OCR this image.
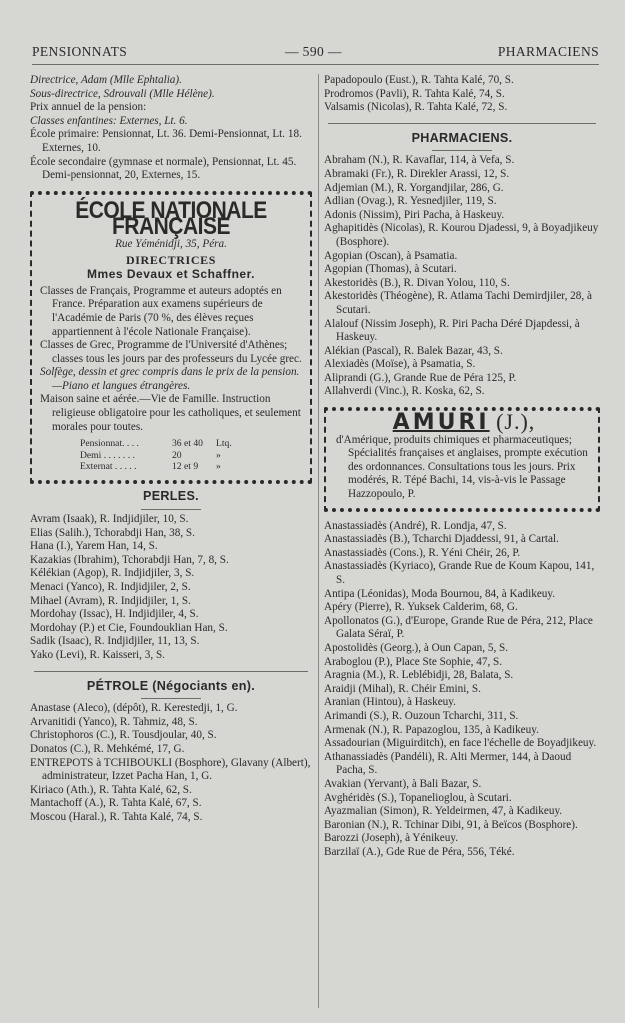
PENSIONNATS	— 590 —	PHARMACIENS

Directrice, Adam (Mlle Ephtalia).

Sous-directrice, Sdrouvali (Mlle Hélène).

Prix annuel de la pension:

Classes enfantines: Externes, Lt. 6.

École primaire: Pensionnat, Lt. 36. Demi-Pensionnat, Lt. 18. Externes, 10.

École secondaire (gymnase et normale), Pensionnat, Lt. 45. Demi-pensionnat, 20, Externes, 15.

ÉCOLE NATIONALE FRANÇAISE

Rue Yéménidji, 35, Péra.

DIRECTRICES

Mmes Devaux et Schaffner.

Classes de Français, Programme et auteurs adoptés en France. Préparation aux examens supérieurs de l'Académie de Paris (70 %, des élèves reçues appartiennent à l'école Nationale Française).

Classes de Grec, Programme de l'Université d'Athènes; classes tous les jours par des professeurs du Lycée grec.

Solfège, dessin et grec compris dans le prix de la pension.—Piano et langues étrangères.

Maison saine et aérée.—Vie de Famille. Instruction religieuse obligatoire pour les catholiques, et seulement morales pour toutes.

Pensionnat. . . .	36 et 40	Ltq.
Demi . . . . . . .	20	»
Externat . . . . .	12 et 9	»
PERLES.

Avram (Isaak), R. Indjidjiler, 10, S.

Elias (Salih.), Tchorabdji Han, 38, S.

Hana (I.), Yarem Han, 14, S.

Kazakias (Ibrahim), Tchorabdji Han, 7, 8, S.

Kélékian (Agop), R. Indjidjiler, 3, S.

Menaci (Yanco), R. Indjidjiler, 2, S.

Mihael (Avram), R. Indjidjiler, 1, S.

Mordohay (Issac), H. Indjidjiler, 4, S.

Mordohay (P.) et Cie, Foundouklian Han, S.

Sadik (Isaac), R. Indjidjiler, 11, 13, S.

Yako (Levi), R. Kaisseri, 3, S.

PÉTROLE (Négociants en).

Anastase (Aleco), (dépôt), R. Kerestedji, 1, G.

Arvanitidi (Yanco), R. Tahmiz, 48, S.

Christophoros (C.), R. Tousdjoular, 40, S.

Donatos (C.), R. Mehkémé, 17, G.

ENTREPOTS à TCHIBOUKLI (Bosphore), Glavany (Albert), administrateur, Izzet Pacha Han, 1, G.

Kiriaco (Ath.), R. Tahta Kalé, 62, S.

Mantachoff (A.), R. Tahta Kalé, 67, S.

Moscou (Haral.), R. Tahta Kalé, 74, S.

Papadopoulo (Eust.), R. Tahta Kalé, 70, S.

Prodromos (Pavli), R. Tahta Kalé, 74, S.

Valsamis (Nicolas), R. Tahta Kalé, 72, S.

PHARMACIENS.

Abraham (N.), R. Kavaflar, 114, à Vefa, S.

Abramaki (Fr.), R. Direkler Arassi, 12, S.

Adjemian (M.), R. Yorgandjilar, 286, G.

Adlian (Ovag.), R. Yesnedjiler, 119, S.

Adonis (Nissim), Piri Pacha, à Haskeuy.

Aghapitidès (Nicolas), R. Kourou Djadessi, 9, à Boyadjikeuy (Bosphore).

Agopian (Oscan), à Psamatia.

Agopian (Thomas), à Scutari.

Akestoridès (B.), R. Divan Yolou, 110, S.

Akestoridès (Théogène), R. Atlama Tachi Demirdjiler, 28, à Scutari.

Alalouf (Nissim Joseph), R. Piri Pacha Déré Djapdessi, à Haskeuy.

Alékian (Pascal), R. Balek Bazar, 43, S.

Alexiadès (Moïse), à Psamatia, S.

Aliprandi (G.), Grande Rue de Péra 125, P.

Allahverdi (Vinc.), R. Koska, 62, S.

AMURI (J.),

d'Amérique, produits chimiques et pharmaceutiques; Spécialités françaises et anglaises, prompte exécution des ordonnances. Consultations tous les jours. Prix modérés, R. Tépé Bachi, 14, vis-à-vis le Passage Hazzopoulo, P.

Anastassiadès (André), R. Londja, 47, S.

Anastassiadès (B.), Tcharchi Djaddessi, 91, à Cartal.

Anastassiadès (Cons.), R. Yéni Chéir, 26, P.

Anastassiadès (Kyriaco), Grande Rue de Koum Kapou, 141, S.

Antipa (Léonidas), Moda Bournou, 84, à Kadikeuy.

Apéry (Pierre), R. Yuksek Calderim, 68, G.

Apollonatos (G.), d'Europe, Grande Rue de Péra, 212, Place Galata Séraï, P.

Apostolidès (Georg.), à Oun Capan, 5, S.

Araboglou (P.), Place Ste Sophie, 47, S.

Aragnia (M.), R. Leblébidji, 28, Balata, S.

Araidji (Mihal), R. Chéir Emini, S.

Aranian (Hintou), à Haskeuy.

Arimandi (S.), R. Ouzoun Tcharchi, 311, S.

Armenak (N.), R. Papazoglou, 135, à Kadikeuy.

Assadourian (Miguirditch), en face l'échelle de Boyadjikeuy.

Athanassiadès (Pandéli), R. Alti Mermer, 144, à Daoud Pacha, S.

Avakian (Yervant), à Bali Bazar, S.

Avghéridès (S.), Topanelioglou, à Scutari.

Ayazmalian (Simon), R. Yeldeirmen, 47, à Kadikeuy.

Baronian (N.), R. Tchinar Dibi, 91, à Beïcos (Bosphore).

Barozzi (Joseph), à Yénikeuy.

Barzilaï (A.), Gde Rue de Péra, 556, Téké.
